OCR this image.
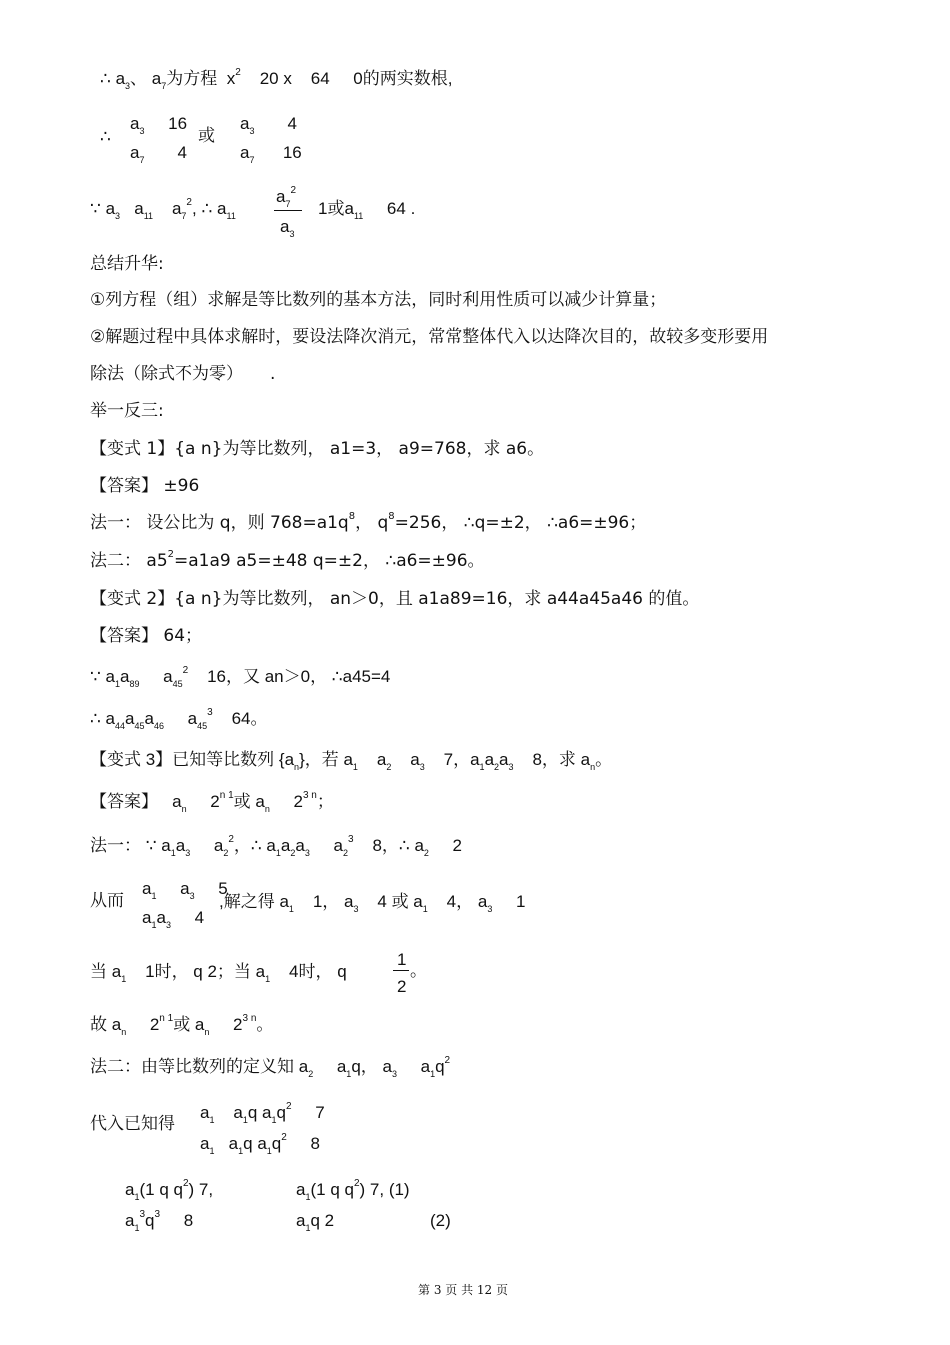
∴ $a_3$、 $a_7$为方程 $x^2$ 20 x 64 0的两实数根,
∴
$a_3$ 16
$a_7$ 4
或
$a_3$ 4
$a_7$ 16
∵ $a_3$ $a_{11}$ $a_7^2$, ∴ $a_{11}$
$a_7^2$
$a_3$
1或$a_{11}$ 64 .
总结升华:
①列方程（组）求解是等比数列的基本方法，同时利用性质可以减少计算量；
②解题过程中具体求解时，要设法降次消元，常常整体代入以达降次目的，故较多变形要用
除法（除式不为零） .
举一反三:
【变式 1】{a n}为等比数列， a1=3， a9=768，求 a6。
【答案】 ±96
法一： 设公比为 q，则 $768=a1q^8$， $q^8=256$， ∴q=±2， ∴a6=±96；
法二： $a5^2=a1a9$ a5=±48 q=±2， ∴a6=±96。
【变式 2】{a n}为等比数列， an＞0，且 a1a89=16，求 a44a45a46 的值。
【答案】 64；
∵ $a_1a_{89}$ $a_{45}^2$ 16，又 an＞0， ∴a45=4
∴ $a_{44}a_{45}a_{46}$ $a_{45}^3$ 64。
【变式 3】已知等比数列 $\{a_n\}$，若 $a_1$ $a_2$ $a_3$ 7，$a_1a_2a_3$ 8，求 $a_n$。
【答案】 $a_n$ $2^{n 1}$或 $a_n$ $2^{3 n}$；
法一： ∵ $a_1a_3$ $a_2^2$，∴ $a_1a_2a_3$ $a_2^3$ 8，∴ $a_2$ 2
从而
$a_1$ $a_3$ 5
$a_1a_3$ 4
,解之得 $a_1$ 1， $a_3$ 4 或 $a_1$ 4， $a_3$ 1
当 $a_1$ 1时， q 2；当 $a_1$ 4时， q
1
2
。
故 $a_n$ $2^{n 1}$或 $a_n$ $2^{3 n}$。
法二：由等比数列的定义知 $a_2$ $a_1q$， $a_3$ $a_1q^2$
代入已知得
$a_1$ $a_1q$ $a_1q^2$ 7
$a_1$ $a_1q$ $a_1q^2$ 8
$a_1(1$ q $q^2$) 7,
$a_1^3q^3$ 8
$a_1(1$ q $q^2$) 7, (1)
$a_1q$ 2	(2)
第 3 页 共 12 页
